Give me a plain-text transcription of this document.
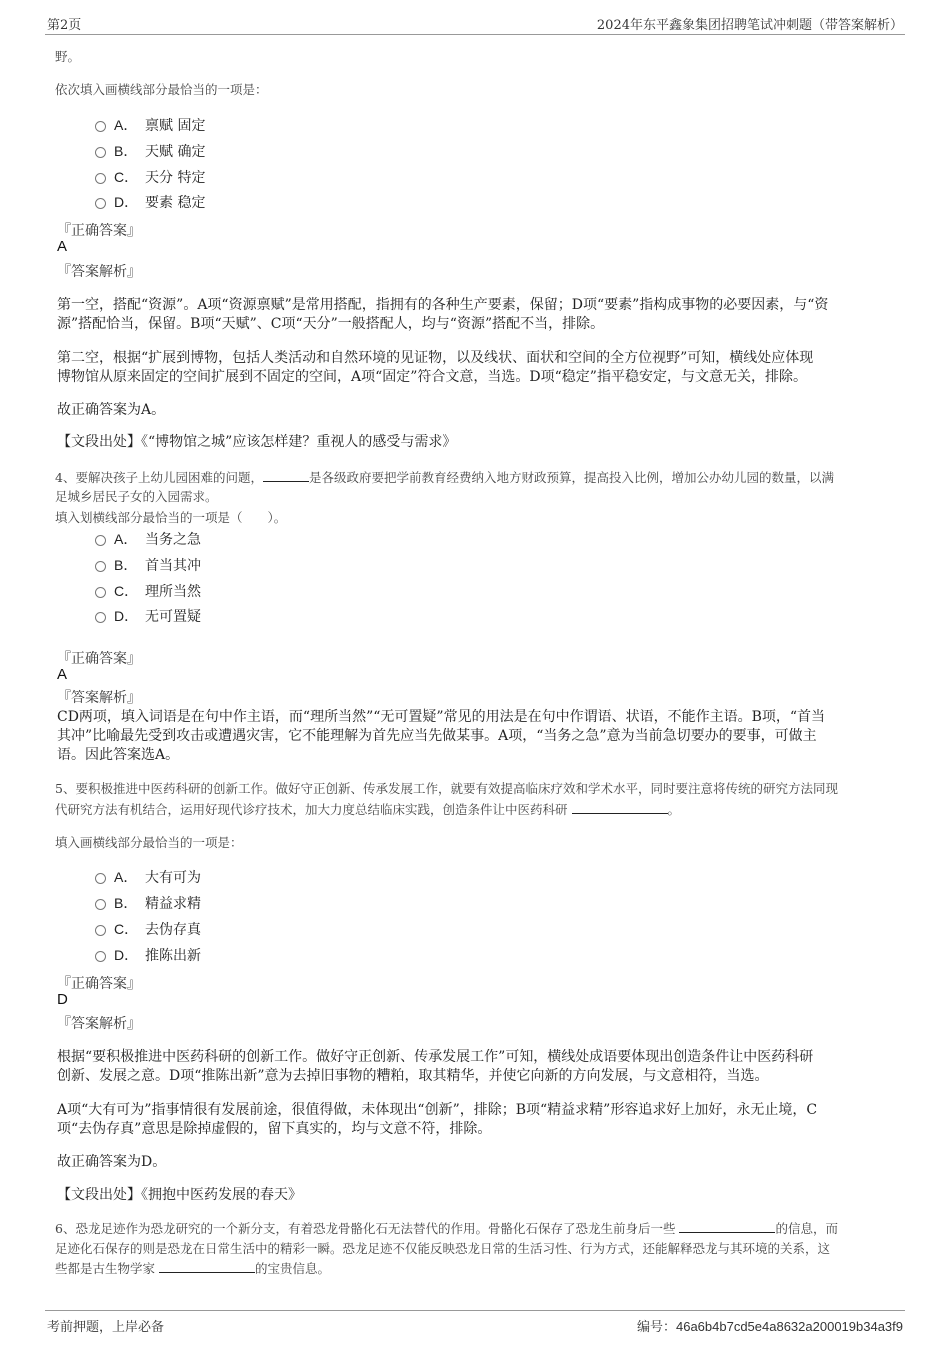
第2页	2024年东平鑫象集团招聘笔试冲刺题（带答案解析）
野。
依次填入画横线部分最恰当的一项是：
A． 禀赋 固定
B． 天赋 确定
C． 天分 特定
D． 要素 稳定
『正确答案』
A
『答案解析』
第一空，搭配“资源”。A项“资源禀赋”是常用搭配，指拥有的各种生产要素，保留；D项“要素”指构成事物的必要因素，与“资
源”搭配恰当，保留。B项“天赋”、C项“天分”一般搭配人，均与“资源”搭配不当，排除。
第二空，根据“扩展到博物，包括人类活动和自然环境的见证物，以及线状、面状和空间的全方位视野”可知，横线处应体现
博物馆从原来固定的空间扩展到不固定的空间，A项“固定”符合文意，当选。D项“稳定”指平稳安定，与文意无关，排除。
故正确答案为A。
【文段出处】《“博物馆之城”应该怎样建？重视人的感受与需求》
4、要解决孩子上幼儿园困难的问题，	是各级政府要把学前教育经费纳入地方财政预算，提高投入比例，增加公办幼儿园的数量，以满
足城乡居民子女的入园需求。
填入划横线部分最恰当的一项是（　　）。
A． 当务之急
B． 首当其冲
C． 理所当然
D． 无可置疑
『正确答案』
A
『答案解析』
CD两项，填入词语是在句中作主语，而“理所当然”“无可置疑”常见的用法是在句中作谓语、状语，不能作主语。B项，“首当
其冲”比喻最先受到攻击或遭遇灾害，它不能理解为首先应当先做某事。A项，“当务之急”意为当前急切要办的要事，可做主
语。因此答案选A。
5、要积极推进中医药科研的创新工作。做好守正创新、传承发展工作，就要有效提高临床疗效和学术水平，同时要注意将传统的研究方法同现
代研究方法有机结合，运用好现代诊疗技术，加大力度总结临床实践，创造条件让中医药科研	。
填入画横线部分最恰当的一项是：
A． 大有可为
B． 精益求精
C． 去伪存真
D． 推陈出新
『正确答案』
D
『答案解析』
根据“要积极推进中医药科研的创新工作。做好守正创新、传承发展工作”可知，横线处成语要体现出创造条件让中医药科研
创新、发展之意。D项“推陈出新”意为去掉旧事物的糟粕，取其精华，并使它向新的方向发展，与文意相符，当选。
A项“大有可为”指事情很有发展前途，很值得做，未体现出“创新”，排除；B项“精益求精”形容追求好上加好，永无止境，C
项“去伪存真”意思是除掉虚假的，留下真实的，均与文意不符，排除。
故正确答案为D。
【文段出处】《拥抱中医药发展的春天》
6、恐龙足迹作为恐龙研究的一个新分支，有着恐龙骨骼化石无法替代的作用。骨骼化石保存了恐龙生前身后一些	的信息，而
足迹化石保存的则是恐龙在日常生活中的精彩一瞬。恐龙足迹不仅能反映恐龙日常的生活习性、行为方式，还能解释恐龙与其环境的关系，这
些都是古生物学家	的宝贵信息。
考前押题，上岸必备	编号：46a6b4b7cd5e4a8632a200019b34a3f9
